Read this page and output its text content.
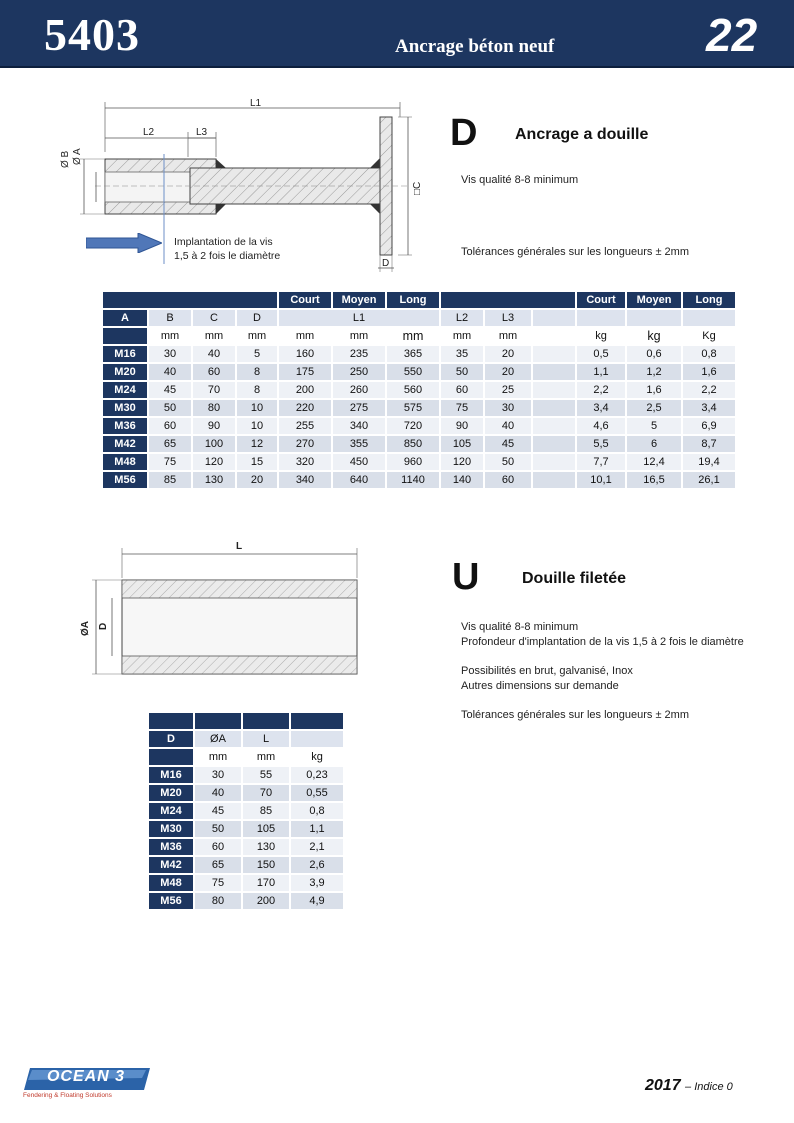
5403	Ancrage béton neuf	22
L1
L2	L3
Ø B Ø A
□C
D
Implantation de la vis
1,5 à 2 fois le diamètre
D Ancrage a douille
Vis qualité 8-8 minimum
Tolérances générales sur les longueurs ± 2mm
				Court	Moyen	Long				Court	Moyen	Long
A	B	C	D	L1			L2	L3				
	mm	mm	mm	mm	mm	mm	mm	mm		kg	kg	Kg
M16	30	40	5	160	235	365	35	20		0,5	0,6	0,8
M20	40	60	8	175	250	550	50	20		1,1	1,2	1,6
M24	45	70	8	200	260	560	60	25		2,2	1,6	2,2
M30	50	80	10	220	275	575	75	30		3,4	2,5	3,4
M36	60	90	10	255	340	720	90	40		4,6	5	6,9
M42	65	100	12	270	355	850	105	45		5,5	6	8,7
M48	75	120	15	320	450	960	120	50		7,7	12,4	19,4
M56	85	130	20	340	640	1140	140	60		10,1	16,5	26,1
L
ØA D
U	Douille filetée
Vis qualité 8-8 minimum
Profondeur d'implantation de la vis 1,5 à 2 fois le diamètre
Possibilités en brut, galvanisé, Inox
Autres dimensions sur demande
Tolérances générales sur les longueurs ± 2mm

D	ØA	L	
	mm	mm	kg
M16	30	55	0,23
M20	40	70	0,55
M24	45	85	0,8
M30	50	105	1,1
M36	60	130	2,1
M42	65	150	2,6
M48	75	170	3,9
M56	80	200	4,9
OCEAN 3
Fendering & Floating Solutions
2017 – Indice 0
